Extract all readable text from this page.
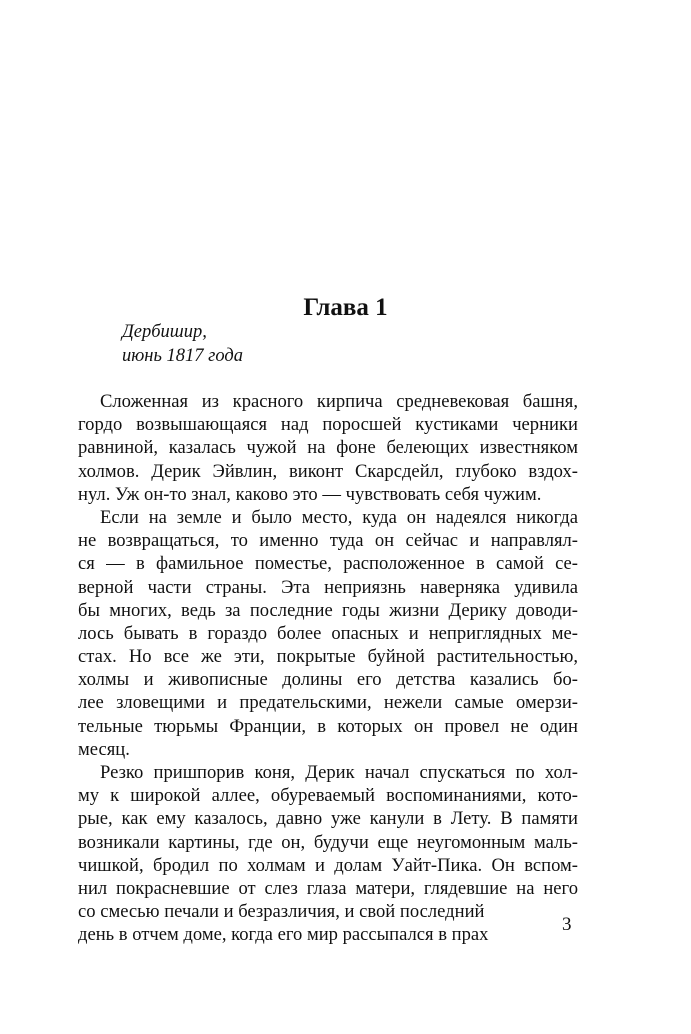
Глава 1
Дербишир,
июнь 1817 года
Сложенная из красного кирпича средневековая башня,
гордо возвышающаяся над поросшей кустиками черники
равниной, казалась чужой на фоне белеющих известняком
холмов. Дерик Эйвлин, виконт Скарсдейл, глубоко вздох-
нул. Уж он-то знал, каково это — чувствовать себя чужим.
Если на земле и было место, куда он надеялся никогда
не возвращаться, то именно туда он сейчас и направлял-
ся — в фамильное поместье, расположенное в самой се-
верной части страны. Эта неприязнь наверняка удивила
бы многих, ведь за последние годы жизни Дерику доводи-
лось бывать в гораздо более опасных и неприглядных ме-
стах. Но все же эти, покрытые буйной растительностью,
холмы и живописные долины его детства казались бо-
лее зловещими и предательскими, нежели самые омерзи-
тельные тюрьмы Франции, в которых он провел не один
месяц.
Резко пришпорив коня, Дерик начал спускаться по хол-
му к широкой аллее, обуреваемый воспоминаниями, кото-
рые, как ему казалось, давно уже канули в Лету. В памяти
возникали картины, где он, будучи еще неугомонным маль-
чишкой, бродил по холмам и долам Уайт-Пика. Он вспом-
нил покрасневшие от слез глаза матери, глядевшие на него
со смесью печали и безразличия, и свой последний
день в отчем доме, когда его мир рассыпался в прах	3
